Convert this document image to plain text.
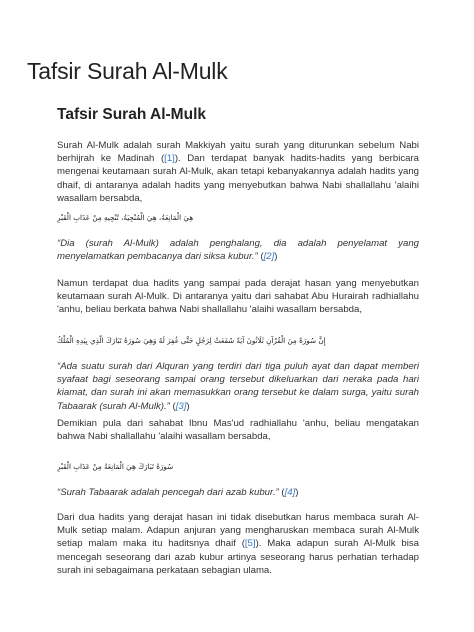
Tafsir Surah Al-Mulk
Tafsir Surah Al-Mulk

Surah Al-Mulk adalah surah Makkiyah yaitu surah yang diturunkan sebelum Nabi berhijrah ke Madinah ([1]). Dan terdapat banyak hadits-hadits yang berbicara mengenai keutamaan surah Al-Mulk, akan tetapi kebanyakannya adalah hadits yang dhaif, di antaranya adalah hadits yang menyebutkan bahwa Nabi shallallahu 'alaihi wasallam bersabda,

هِيَ الْمَانِعَةُ، هِيَ الْمُنْجِيَةُ، تُنْجِيهِ مِنْ عَذَابِ الْقَبْرِ

“Dia (surah Al-Mulk) adalah penghalang, dia adalah penyelamat yang menyelamatkan pembacanya dari siksa kubur.” ([2])

Namun terdapat dua hadits yang sampai pada derajat hasan yang menyebutkan keutamaan surah Al-Mulk. Di antaranya yaitu dari sahabat Abu Hurairah radhiallahu 'anhu, beliau berkata bahwa Nabi shallallahu 'alaihi wasallam bersabda,

إِنَّ سُورَةً مِنَ الْقُرْآنِ ثَلَاثُونَ آيَةً شَفَعَتْ لِرَجُلٍ حَتَّى غُفِرَ لَهُ وَهِيَ سُورَةُ تَبَارَكَ الَّذِي بِيَدِهِ الْمُلْكُ

“Ada suatu surah dari Alquran yang terdiri dari tiga puluh ayat dan dapat memberi syafaat bagi seseorang sampai orang tersebut dikeluarkan dari neraka pada hari kiamat, dan surah ini akan memasukkan orang tersebut ke dalam surga, yaitu surah Tabaarak (surah Al-Mulk).” ([3])

Demikian pula dari sahabat Ibnu Mas'ud radhiallahu 'anhu, beliau mengatakan bahwa Nabi shallallahu 'alaihi wasallam bersabda,

سُورَةُ تَبَارَكَ هِيَ الْمَانِعَةُ مِنْ عَذَابِ الْقَبْرِ

“Surah Tabaarak adalah pencegah dari azab kubur.” ([4])

Dari dua hadits yang derajat hasan ini tidak disebutkan harus membaca surah Al-Mulk setiap malam. Adapun anjuran yang mengharuskan membaca surah Al-Mulk setiap malam maka itu haditsnya dhaif ([5]). Maka adapun surah Al-Mulk bisa mencegah seseorang dari azab kubur artinya seseorang harus perhatian terhadap surah ini sebagaimana perkataan sebagian ulama.
